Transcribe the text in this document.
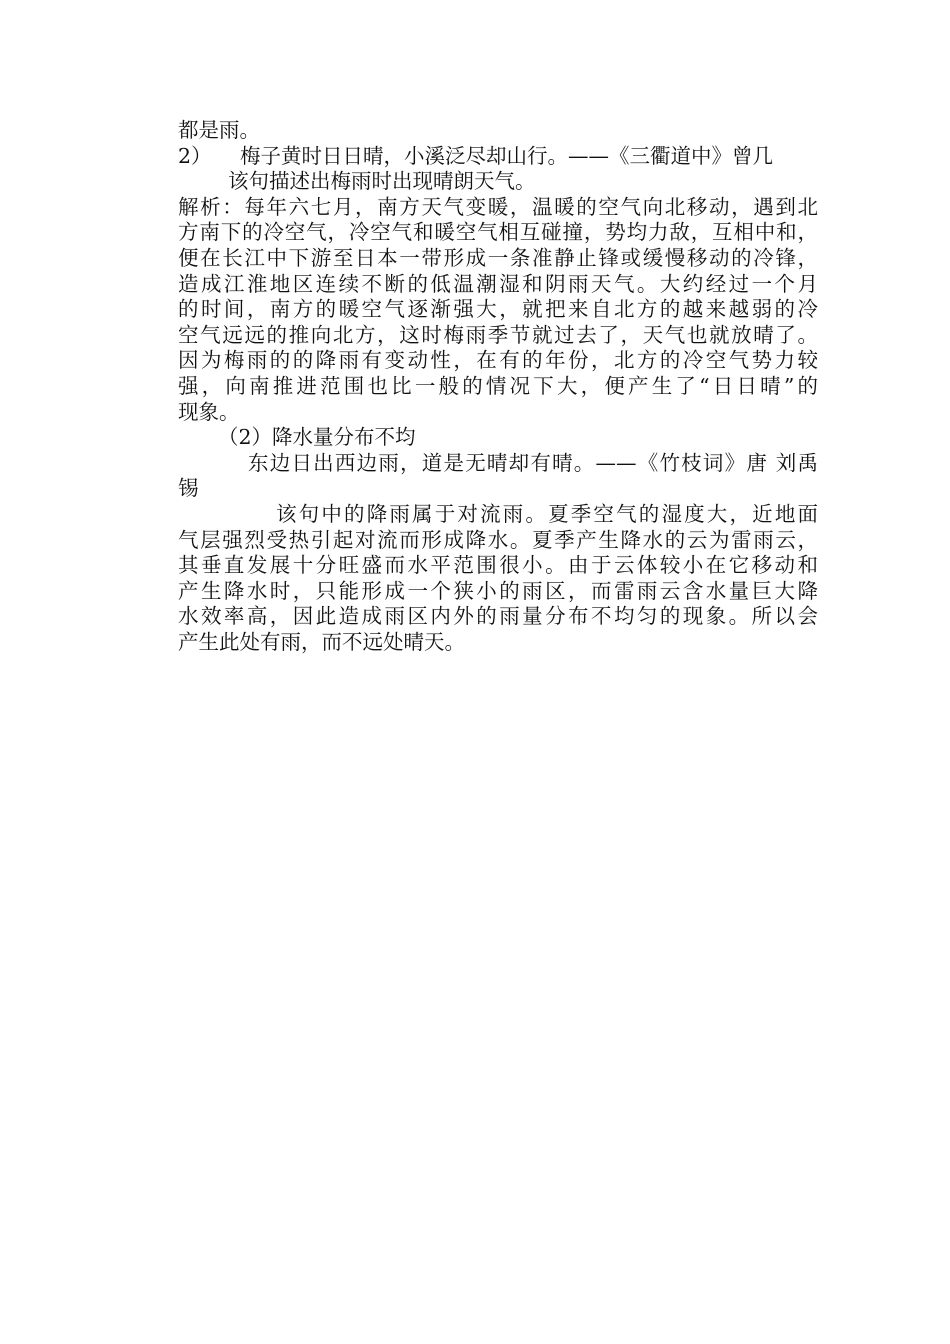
都是雨。
2） 梅子黄时日日晴，小溪泛尽却山行。——《三衢道中》曾几
该句描述出梅雨时出现晴朗天气。
解析：每年六七月，南方天气变暖，温暖的空气向北移动，遇到北
方南下的冷空气，冷空气和暖空气相互碰撞，势均力敌，互相中和，
便在长江中下游至日本一带形成一条准静止锋或缓慢移动的冷锋，
造成江淮地区连续不断的低温潮湿和阴雨天气。大约经过一个月
的时间，南方的暖空气逐渐强大，就把来自北方的越来越弱的冷
空气远远的推向北方，这时梅雨季节就过去了，天气也就放晴了。
因为梅雨的的降雨有变动性，在有的年份，北方的冷空气势力较
强，向南推进范围也比一般的情况下大，便产生了“日日晴”的
现象。
（2）降水量分布不均
东边日出西边雨，道是无晴却有晴。——《竹枝词》唐 刘禹
锡
该句中的降雨属于对流雨。夏季空气的湿度大，近地面
气层强烈受热引起对流而形成降水。夏季产生降水的云为雷雨云，
其垂直发展十分旺盛而水平范围很小。由于云体较小在它移动和
产生降水时，只能形成一个狭小的雨区，而雷雨云含水量巨大降
水效率高，因此造成雨区内外的雨量分布不均匀的现象。所以会
产生此处有雨，而不远处晴天。
